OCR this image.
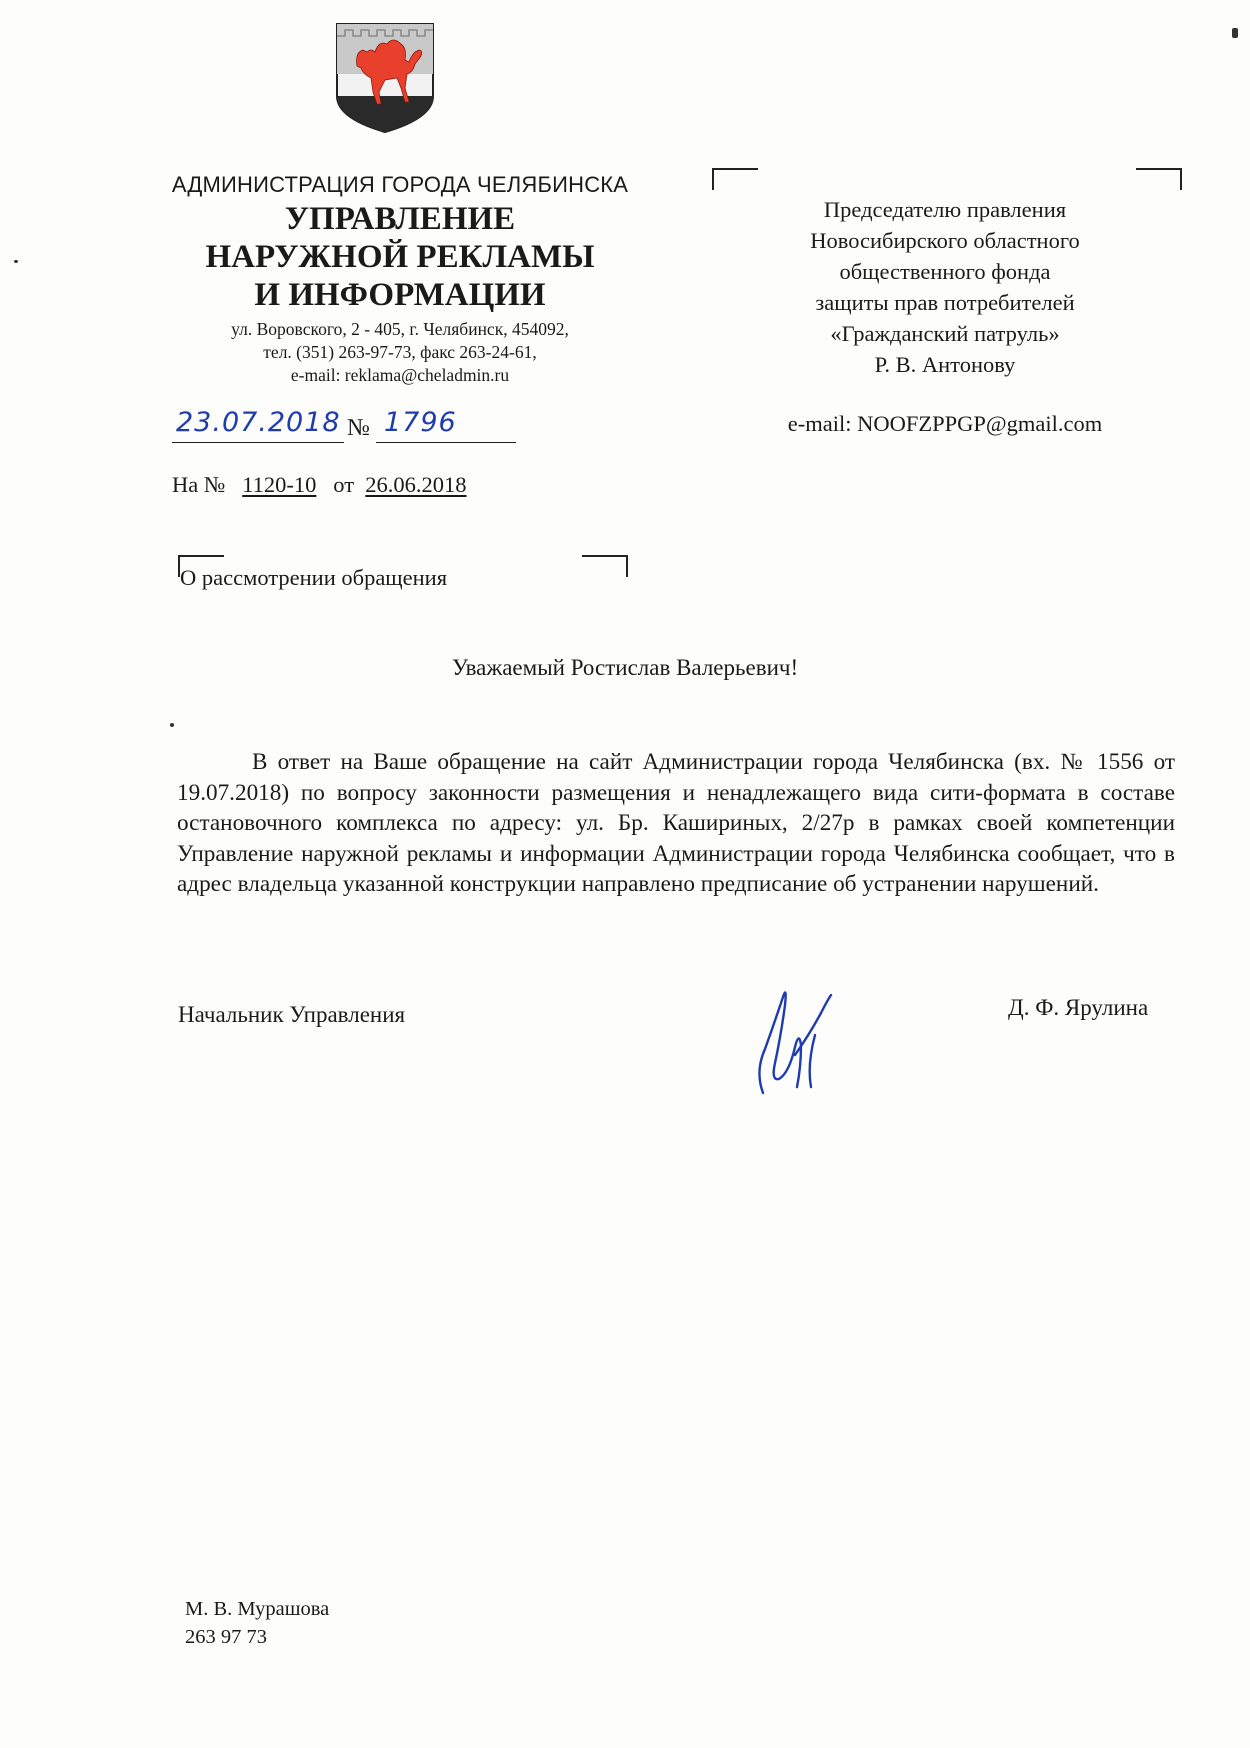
АДМИНИСТРАЦИЯ ГОРОДА ЧЕЛЯБИНСКА
УПРАВЛЕНИЕ
НАРУЖНОЙ РЕКЛАМЫ
И ИНФОРМАЦИИ
ул. Воровского, 2 - 405, г. Челябинск, 454092,
тел. (351) 263-97-73, факс 263-24-61,
e-mail: reklama@cheladmin.ru
Председателю правления
Новосибирского областного
общественного фонда
защиты прав потребителей
«Гражданский патруль»
Р. В. Антонову
e-mail: NOOFZPPGP@gmail.com
23.07.2018 № 1796
На № 1120-10 от 26.06.2018
О рассмотрении обращения
Уважаемый Ростислав Валерьевич!
В ответ на Ваше обращение на сайт Администрации города Челябинска (вх. № 1556 от 19.07.2018) по вопросу законности размещения и ненадлежащего вида сити-формата в составе остановочного комплекса по адресу: ул. Бр. Кашириных, 2/27р в рамках своей компетенции Управление наружной рекламы и информации Администрации города Челябинска сообщает, что в адрес владельца указанной конструкции направлено предписание об устранении нарушений.
Начальник Управления	Д. Ф. Ярулина
М. В. Мурашова
263 97 73
